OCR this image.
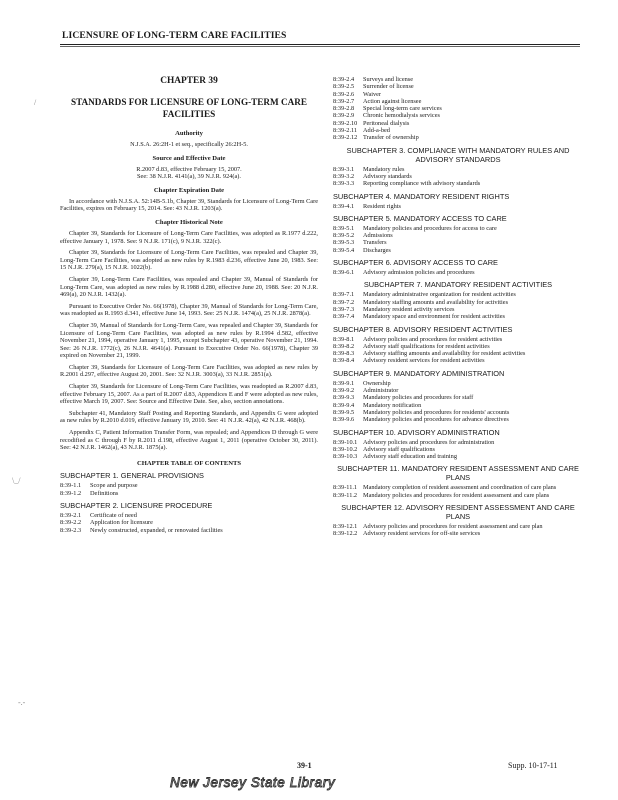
LICENSURE OF LONG-TERM CARE FACILITIES
CHAPTER 39
STANDARDS FOR LICENSURE OF LONG-TERM CARE FACILITIES
Authority

N.J.S.A. 26:2H-1 et seq., specifically 26:2H-5.

Source and Effective Date

R.2007 d.83, effective February 15, 2007.

See: 38 N.J.R. 4141(a), 39 N.J.R. 924(a).

Chapter Expiration Date

In accordance with N.J.S.A. 52:14B-5.1b, Chapter 39, Standards for Licensure of Long-Term Care Facilities, expires on February 15, 2014. See: 43 N.J.R. 1203(a).

Chapter Historical Note

Chapter 39, Standards for Licensure of Long-Term Care Facilities, was adopted as R.1977 d.222, effective January 1, 1978. See: 9 N.J.R. 171(c), 9 N.J.R. 322(c).

Chapter 39, Standards for Licensure of Long-Term Care Facilities, was repealed and Chapter 39, Long-Term Care Facilities, was adopted as new rules by R.1983 d.236, effective June 20, 1983. See: 15 N.J.R. 279(a), 15 N.J.R. 1022(b).

Chapter 39, Long-Term Care Facilities, was repealed and Chapter 39, Manual of Standards for Long-Term Care, was adopted as new rules by R.1988 d.280, effective June 20, 1988. See: 20 N.J.R. 469(a), 20 N.J.R. 1432(a).

Pursuant to Executive Order No. 66(1978), Chapter 39, Manual of Standards for Long-Term Care, was readopted as R.1993 d.341, effective June 14, 1993. See: 25 N.J.R. 1474(a), 25 N.J.R. 2878(a).

Chapter 39, Manual of Standards for Long-Term Care, was repealed and Chapter 39, Standards for Licensure of Long-Term Care Facilities, was adopted as new rules by R.1994 d.582, effective November 21, 1994, operative January 1, 1995, except Subchapter 43, operative November 21, 1994. See: 26 N.J.R. 1772(c), 26 N.J.R. 4641(a). Pursuant to Executive Order No. 66(1978), Chapter 39 expired on November 21, 1999.

Chapter 39, Standards for Licensure of Long-Term Care Facilities, was adopted as new rules by R.2001 d.297, effective August 20, 2001. See: 32 N.J.R. 3003(a), 33 N.J.R. 2851(a).

Chapter 39, Standards for Licensure of Long-Term Care Facilities, was readopted as R.2007 d.83, effective February 15, 2007. As a part of R.2007 d.83, Appendices E and F were adopted as new rules, effective March 19, 2007. See: Source and Effective Date. See, also, section annotations.

Subchapter 41, Mandatory Staff Posting and Reporting Standards, and Appendix G were adopted as new rules by R.2010 d.019, effective January 19, 2010. See: 41 N.J.R. 42(a), 42 N.J.R. 468(b).

Appendix C, Patient Information Transfer Form, was repealed; and Appendices D through G were recodified as C through F by R.2011 d.198, effective August 1, 2011 (operative October 30, 2011). See: 42 N.J.R. 1462(a), 43 N.J.R. 1875(a).

CHAPTER TABLE OF CONTENTS
SUBCHAPTER 1. GENERAL PROVISIONS
8:39-1.1	Scope and purpose
8:39-1.2	Definitions
SUBCHAPTER 2. LICENSURE PROCEDURE
8:39-2.1	Certificate of need
8:39-2.2	Application for licensure
8:39-2.3	Newly constructed, expanded, or renovated facilities
8:39-2.4	Surveys and license
8:39-2.5	Surrender of license
8:39-2.6	Waiver
8:39-2.7	Action against licensee
8:39-2.8	Special long-term care services
8:39-2.9	Chronic hemodialysis services
8:39-2.10 Peritoneal dialysis
8:39-2.11 Add-a-bed
8:39-2.12 Transfer of ownership
SUBCHAPTER 3. COMPLIANCE WITH MANDATORY RULES AND ADVISORY STANDARDS
8:39-3.1	Mandatory rules
8:39-3.2	Advisory standards
8:39-3.3	Reporting compliance with advisory standards
SUBCHAPTER 4. MANDATORY RESIDENT RIGHTS
8:39-4.1	Resident rights
SUBCHAPTER 5. MANDATORY ACCESS TO CARE
8:39-5.1	Mandatory policies and procedures for access to care
8:39-5.2	Admissions
8:39-5.3	Transfers
8:39-5.4	Discharges
SUBCHAPTER 6. ADVISORY ACCESS TO CARE
8:39-6.1	Advisory admission policies and procedures
SUBCHAPTER 7. MANDATORY RESIDENT ACTIVITIES
8:39-7.1	Mandatory administrative organization for resident activities
8:39-7.2	Mandatory staffing amounts and availability for activities
8:39-7.3	Mandatory resident activity services
8:39-7.4	Mandatory space and environment for resident activities
SUBCHAPTER 8. ADVISORY RESIDENT ACTIVITIES
8:39-8.1	Advisory policies and procedures for resident activities
8:39-8.2	Advisory staff qualifications for resident activities
8:39-8.3	Advisory staffing amounts and availability for resident activities
8:39-8.4	Advisory resident services for resident activities
SUBCHAPTER 9. MANDATORY ADMINISTRATION
8:39-9.1	Ownership
8:39-9.2	Administrator
8:39-9.3	Mandatory policies and procedures for staff
8:39-9.4	Mandatory notification
8:39-9.5	Mandatory policies and procedures for residents' accounts
8:39-9.6	Mandatory policies and procedures for advance directives
SUBCHAPTER 10. ADVISORY ADMINISTRATION
8:39-10.1 Advisory policies and procedures for administration
8:39-10.2 Advisory staff qualifications
8:39-10.3 Advisory staff education and training
SUBCHAPTER 11. MANDATORY RESIDENT ASSESSMENT AND CARE PLANS
8:39-11.1 Mandatory completion of resident assessment and coordination of care plans
8:39-11.2 Mandatory policies and procedures for resident assessment and care plans
SUBCHAPTER 12. ADVISORY RESIDENT ASSESSMENT AND CARE PLANS
8:39-12.1 Advisory policies and procedures for resident assessment and care plan
8:39-12.2 Advisory resident services for off-site services
39-1	Supp. 10-17-11
New Jersey State Library
/
\_/
-.-
